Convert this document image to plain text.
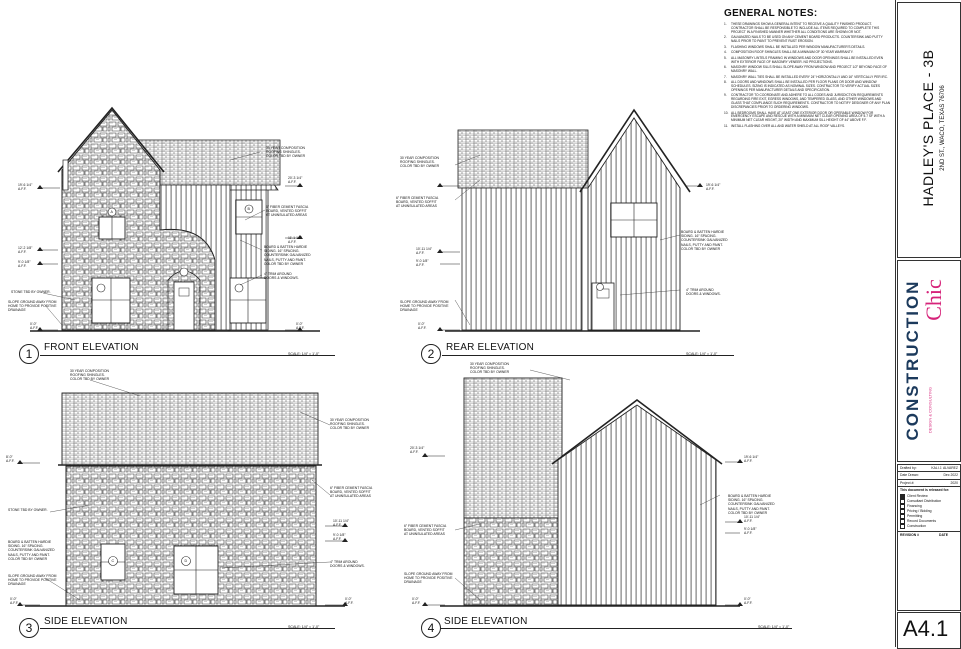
A
B
C	D
30 YEAR COMPOSITION
ROOFING SHINGLES.
COLOR TBD BY OWNER
6" FIBER CEMENT FASCIA
BOARD, VENTED SOFFIT
AT UNINSULATED AREAS
BOARD & BATTEN HARDIE
SIDING. 16" SPACING.
COUNTERSINK GALVANIZED
NAILS, PUTTY AND PAINT.
COLOR TBD BY OWNER
4" TRIM AROUND
DOORS & WINDOWS.
STONE TBD BY OWNER.
SLOPE GROUND AWAY FROM
HOME TO PROVIDE POSITIVE
DRAINAGE
19'-6 1/4"
A.F.F.
12'-2 1/8"
A.F.F.
9'-0 1/8"
A.F.F.
0'-0"
A.F.F.
20'-3 1/4"
A.F.F.
11'-1 1/2"
A.F.F.
0'-0"
A.F.F.
30 YEAR COMPOSITION
ROOFING SHINGLES.
COLOR TBD BY OWNER
6" FIBER CEMENT FASCIA
BOARD, VENTED SOFFIT
AT UNINSULATED AREAS
BOARD & BATTEN HARDIE
SIDING. 16" SPACING.
COUNTERSINK GALVANIZED
NAILS, PUTTY AND PAINT.
COLOR TBD BY OWNER
4" TRIM AROUND
DOORS & WINDOWS.
SLOPE GROUND AWAY FROM
HOME TO PROVIDE POSITIVE
DRAINAGE
10'-11 1/4"
A.F.F.
9'-0 1/8"
A.F.F.
19'-6 1/4"
A.F.F.
0'-0"
A.F.F.
30 YEAR COMPOSITION
ROOFING SHINGLES.
COLOR TBD BY OWNER
30 YEAR COMPOSITION
ROOFING SHINGLES.
COLOR TBD BY OWNER
6" FIBER CEMENT FASCIA
BOARD, VENTED SOFFIT
AT UNINSULATED AREAS
STONE TBD BY OWNER.
BOARD & BATTEN HARDIE
SIDING. 16" SPACING.
COUNTERSINK GALVANIZED
NAILS, PUTTY AND PAINT.
COLOR TBD BY OWNER
4" TRIM AROUND
DOORS & WINDOWS.
SLOPE GROUND AWAY FROM
HOME TO PROVIDE POSITIVE
DRAINAGE
8'-0"
A.F.F.
10'-11 1/4"
A.F.F.
9'-0 1/8"
A.F.F.
0'-0"
A.F.F.
0'-0"
A.F.F.
30 YEAR COMPOSITION
ROOFING SHINGLES.
COLOR TBD BY OWNER
BOARD & BATTEN HARDIE
SIDING. 16" SPACING.
COUNTERSINK GALVANIZED
NAILS, PUTTY AND PAINT.
COLOR TBD BY OWNER
6" FIBER CEMENT FASCIA
BOARD, VENTED SOFFIT
AT UNINSULATED AREAS
SLOPE GROUND AWAY FROM
HOME TO PROVIDE POSITIVE
DRAINAGE
20'-3 1/4"
A.F.F.
19'-6 1/4"
A.F.F.
10'-11 1/4"
A.F.F.
9'-0 1/8"
A.F.F.
0'-0"
A.F.F.
0'-0"
A.F.F.
1	FRONT ELEVATION
SCALE: 1/4" = 1'-0"	2	REAR ELEVATION
SCALE: 1/4" = 1'-0"
3	SIDE ELEVATION	SCALE: 1/4" = 1'-0"	4 SIDE ELEVATION	SCALE: 1/4" = 1'-0"
GENERAL NOTES:
1.	THESE DRAWINGS SHOW A GENERAL INTENT TO RECEIVE A QUALITY FINISHED PRODUCT. CONTRACTOR SHALL BE RESPONSIBLE TO INCLUDE ALL ITEMS REQUIRED TO COMPLETE THIS PROJECT IN A FINISHED MANNER WHETHER ALL CONDITIONS ARE SHOWN OR NOT.
2.	GALVANIZED NAILS TO BE USED ON ANY CEMENT BOARD PRODUCTS. COUNTERSINK AND PUTTY NAILS PRIOR TO PAINT TO PREVENT RUST EROSION.
3.	FLASHING WINDOWS SHALL BE INSTALLED PER WINDOW MANUFACTURER'S DETAILS.
4.	COMPOSITION ROOF SHINGLES SHALL BE A MINIMUM OF 30 YEAR WARRANTY.
5.	ALL MASONRY LINTELS FRAMING IN WINDOWS AND DOOR OPENINGS SHALL BE INSTALLED EVEN WITH EXTERIOR FACE OF MASONRY VENEER. NO PROJECTIONS.
6.	MASONRY WINDOW SILLS SHALL SLOPE AWAY FROM WINDOW AND PROJECT 1/2" BEYOND FACE OF MASONRY WALL.
7.	MASONRY WALL TIES SHALL BE INSTALLED EVERY 24" HORIZONTALLY AND 16" VERTICALLY PER IRC.
8.	ALL DOORS AND WINDOWS SHALL BE INSTALLED PER FLOOR PLANS OR DOOR AND WINDOW SCHEDULES. SIZING IS INDICATED AS NOMINAL SIZES. CONTRACTOR TO VERIFY ACTUAL SIZES OPENINGS PER MANUFACTURER DETAILS AND SPECIFICATION.
9.	CONTRACTOR TO COORDINATE AND ADHERE TO ALL CODES AND JURISDICTION REQUIREMENTS REGARDING FIRE EXIT, EGRESS WINDOWS, AND TEMPERED GLASS, AND OTHER WINDOWS AND GLASS THAT COMPLIANCE SUCH REQUIREMENTS. CONTRACTOR TO NOTIFY DESIGNER OF ANY PLAN DISCREPANCIES PRIOR TO ORDERING WINDOWS.
10. ALL BEDROOMS SHALL HAVE AT LEAST ONE EXTERIOR DOOR OR OPERABLE WINDOW FOR EMERGENCY ESCAPE AND RESCUE WITH A MINIMUM NET CLEAR OPENING AREA OF 5.7 SF WITH A MINIMUM NET CLEAR HEIGHT, 20" WIDTH AND MAXIMUM SILL HEIGHT OF 44" ABOVE F.F.
11. INSTALL FLASHING OVER ALL AND WATER SHIELD AT ALL ROOF VALLEYS.	HADLEY'S PLACE - 3B 2ND ST., WACO, TEXAS 76706
CONSTRUCTION Chic
DESIGN & CONSULTING
Drafted by:	KALI J. ALVAREZ
Date Drawn:	Dec 2022
Project #:	2020
This document is released for:
Client Review
Consultant Distribution
Financing
Pricing / Bidding
Permitting
Record Documents
Construction
REVISION #	DATE
A4.1
